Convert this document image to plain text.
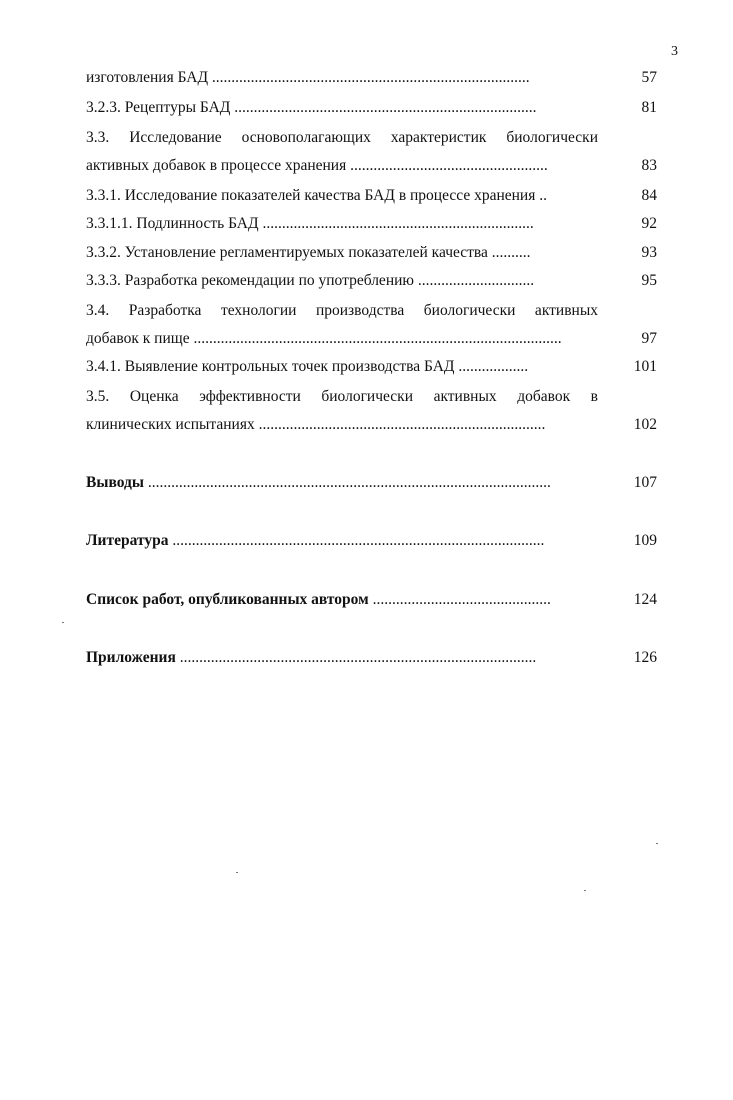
3
изготовления БАД ..................................................................................	57
3.2.3. Рецептуры БАД ..............................................................................	81
3.3. Исследование основополагающих характеристик биологически
активных добавок в процессе хранения ...................................................	83
3.3.1. Исследование показателей качества БАД в процессе хранения ..	84
3.3.1.1. Подлинность БАД ......................................................................	92
3.3.2. Установление регламентируемых показателей качества ..........	93
3.3.3. Разработка рекомендации по употреблению ..............................	95
3.4. Разработка технологии производства биологически активных
добавок к пище ...............................................................................................	97
3.4.1. Выявление контрольных точек производства БАД ..................	101
3.5. Оценка эффективности биологически активных добавок в
клинических испытаниях ..........................................................................	102
Выводы ........................................................................................................	107
Литература ................................................................................................	109
Список работ, опубликованных автором ..............................................	124
Приложения ............................................................................................	126
